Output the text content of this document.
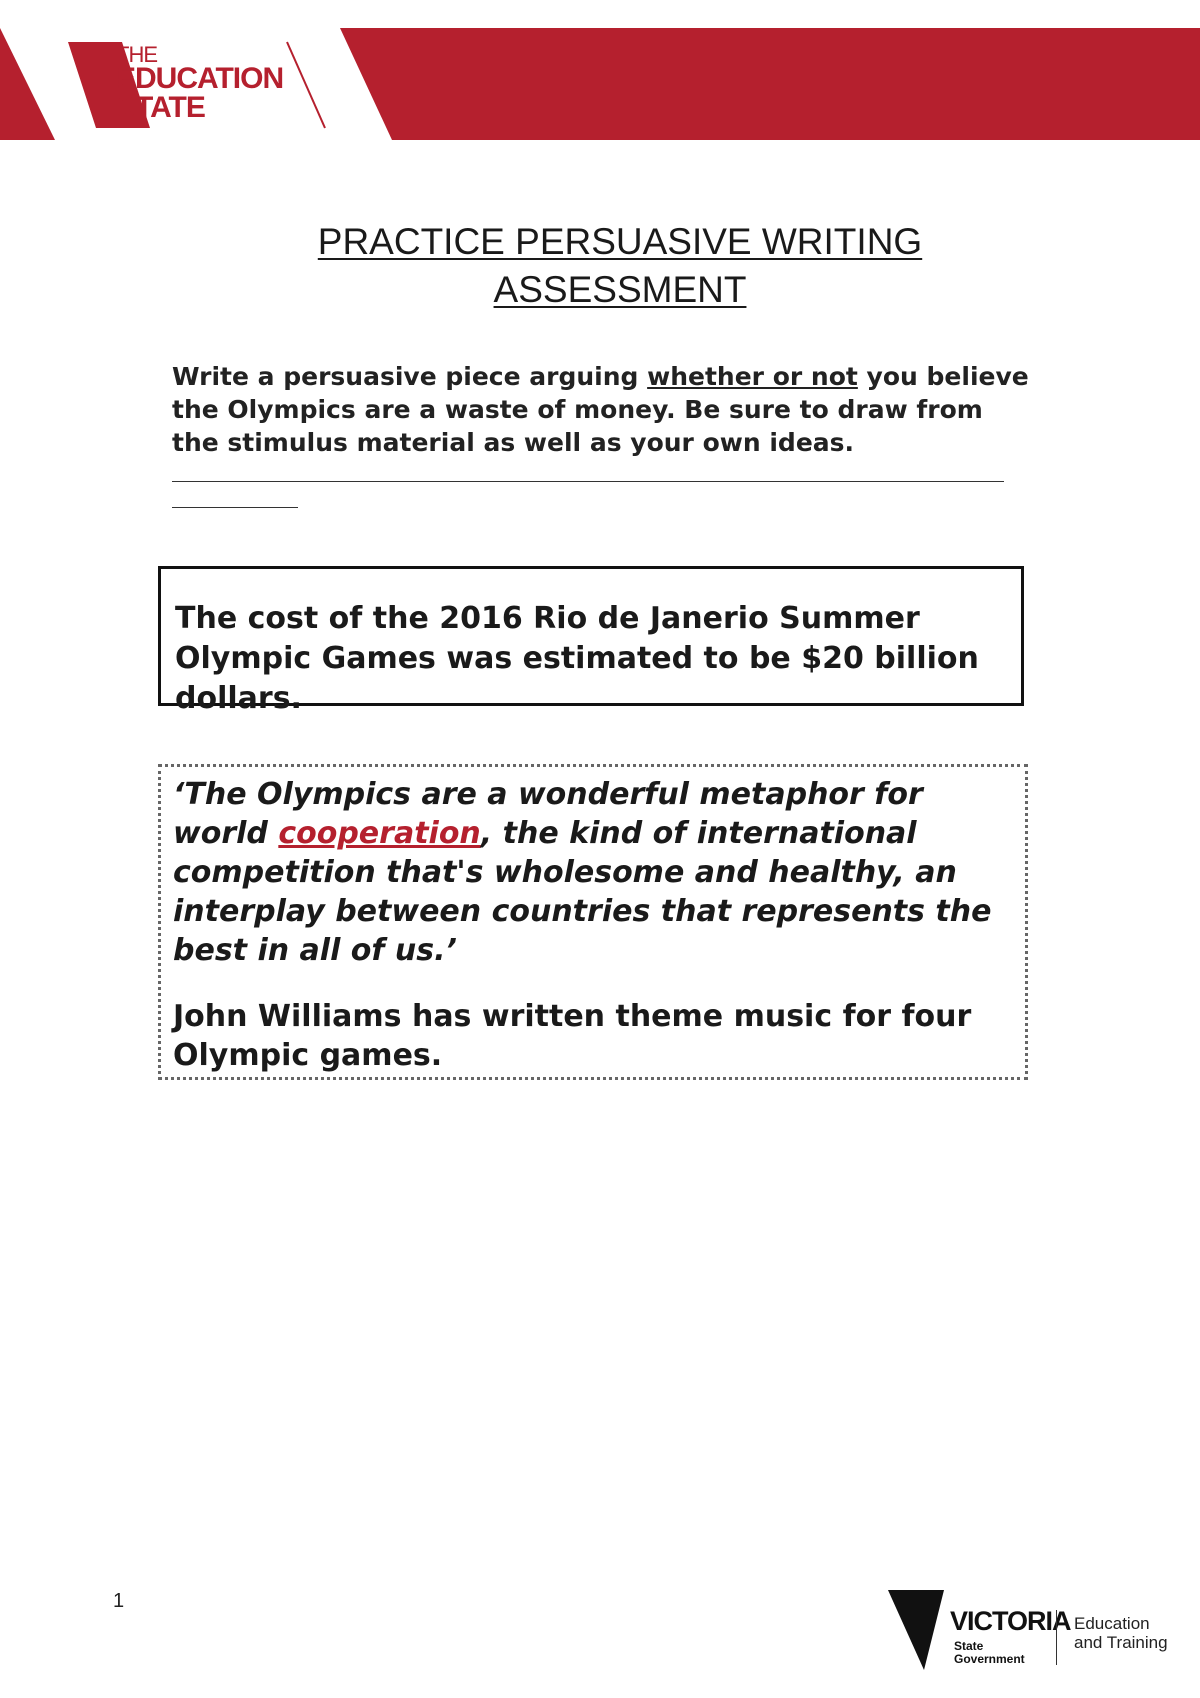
THE
EDUCATION
STATE
PRACTICE PERSUASIVE WRITING ASSESSMENT
Write a persuasive piece arguing whether or not you believe the Olympics are a waste of money. Be sure to draw from the stimulus material as well as your own ideas.
The cost of the 2016 Rio de Janerio Summer Olympic Games was estimated to be $20 billion dollars.
‘The Olympics are a wonderful metaphor for world cooperation, the kind of international competition that's wholesome and healthy, an interplay between countries that represents the best in all of us.’
John Williams has written theme music for four Olympic games.
1
VICTORIA
State
Government
Education
and Training
